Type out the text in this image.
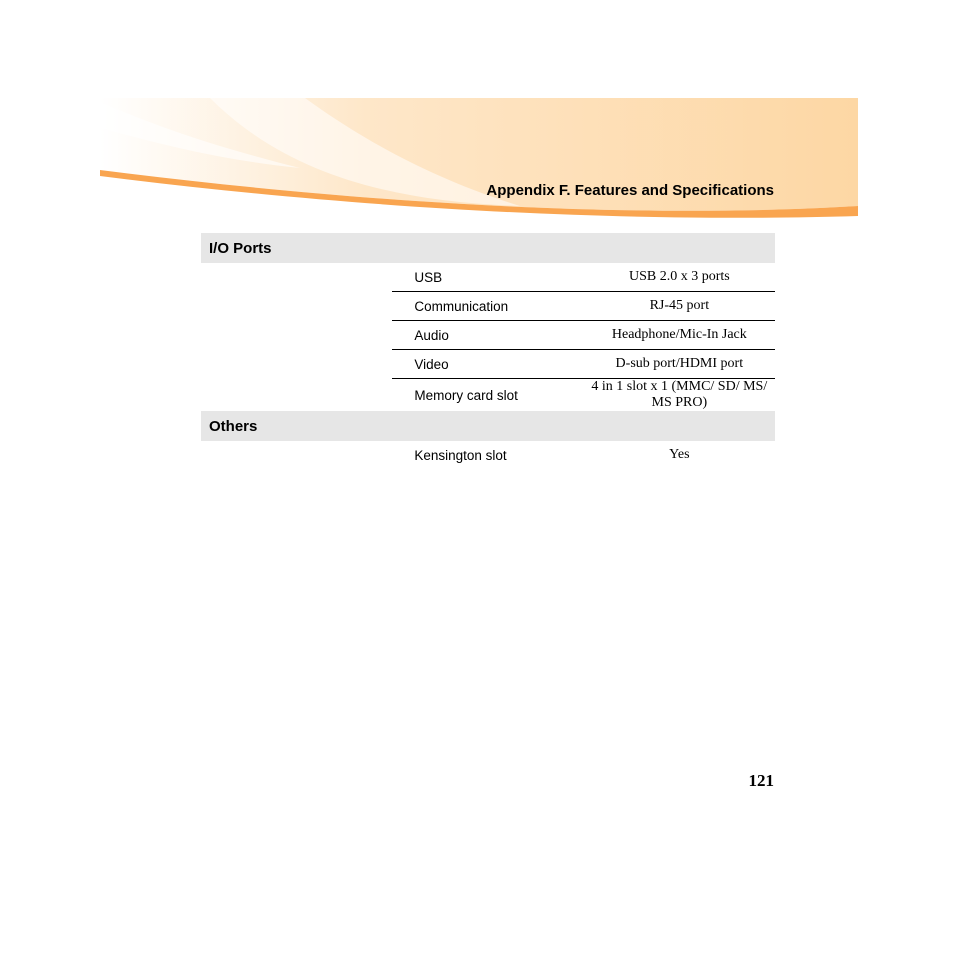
Appendix F. Features and Specifications
I/O Ports		
	USB	USB 2.0 x 3 ports
	Communication	RJ-45 port
	Audio	Headphone/Mic-In Jack
	Video	D-sub port/HDMI port
	Memory card slot	4 in 1 slot x 1 (MMC/ SD/ MS/ MS PRO)
Others		
	Kensington slot	Yes
121
